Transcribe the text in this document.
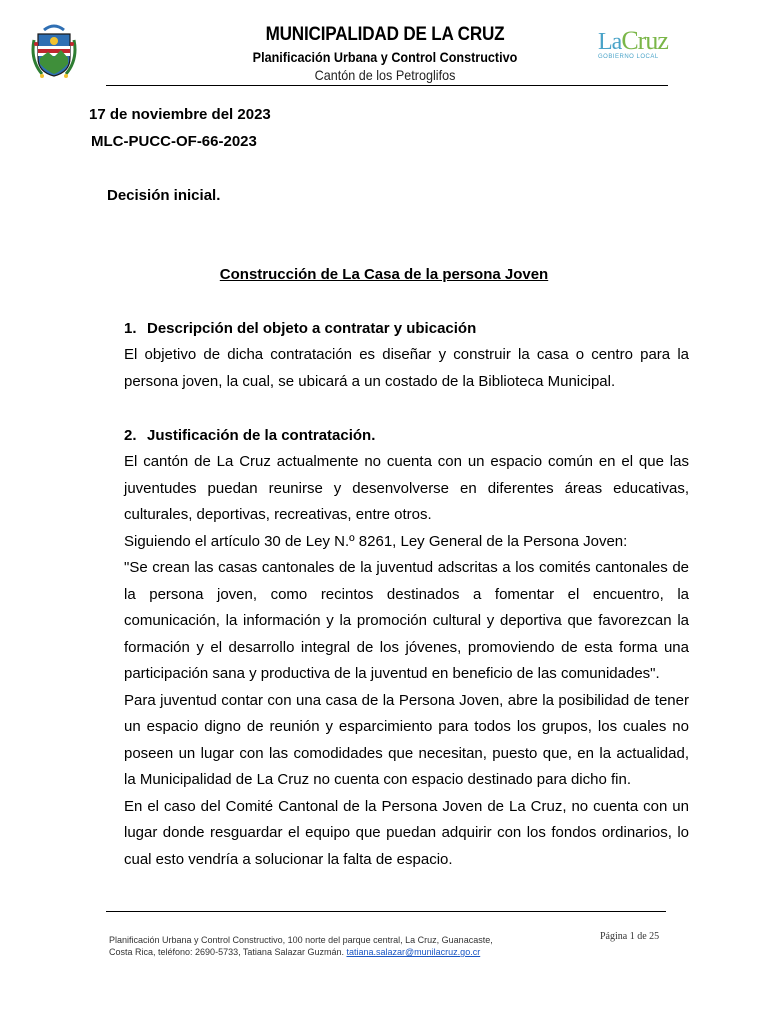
MUNICIPALIDAD DE LA CRUZ
Planificación Urbana y Control Constructivo
Cantón de los Petroglifos
LaCruz
GOBIERNO LOCAL
17 de noviembre del 2023
MLC-PUCC-OF-66-2023
Decisión inicial.
Construcción de La Casa de la persona Joven
1. Descripción del objeto a contratar y ubicación

El objetivo de dicha contratación es diseñar y construir la casa o centro para la persona joven, la cual, se ubicará a un costado de la Biblioteca Municipal.

2. Justificación de la contratación.

El cantón de La Cruz actualmente no cuenta con un espacio común en el que las juventudes puedan reunirse y desenvolverse en diferentes áreas educativas, culturales, deportivas, recreativas, entre otros.

Siguiendo el artículo 30 de Ley N.º 8261, Ley General de la Persona Joven:

"Se crean las casas cantonales de la juventud adscritas a los comités cantonales de la persona joven, como recintos destinados a fomentar el encuentro, la comunicación, la información y la promoción cultural y deportiva que favorezcan la formación y el desarrollo integral de los jóvenes, promoviendo de esta forma una participación sana y productiva de la juventud en beneficio de las comunidades".

Para juventud contar con una casa de la Persona Joven, abre la posibilidad de tener un espacio digno de reunión y esparcimiento para todos los grupos, los cuales no poseen un lugar con las comodidades que necesitan, puesto que, en la actualidad, la Municipalidad de La Cruz no cuenta con espacio destinado para dicho fin.

En el caso del Comité Cantonal de la Persona Joven de La Cruz, no cuenta con un lugar donde resguardar el equipo que puedan adquirir con los fondos ordinarios, lo cual esto vendría a solucionar la falta de espacio.

Planificación Urbana y Control Constructivo, 100 norte del parque central, La Cruz, Guanacaste, Costa Rica, teléfono: 2690-5733, Tatiana Salazar Guzmán. tatiana.salazar@munilacruz.go.cr
Página 1 de 25
